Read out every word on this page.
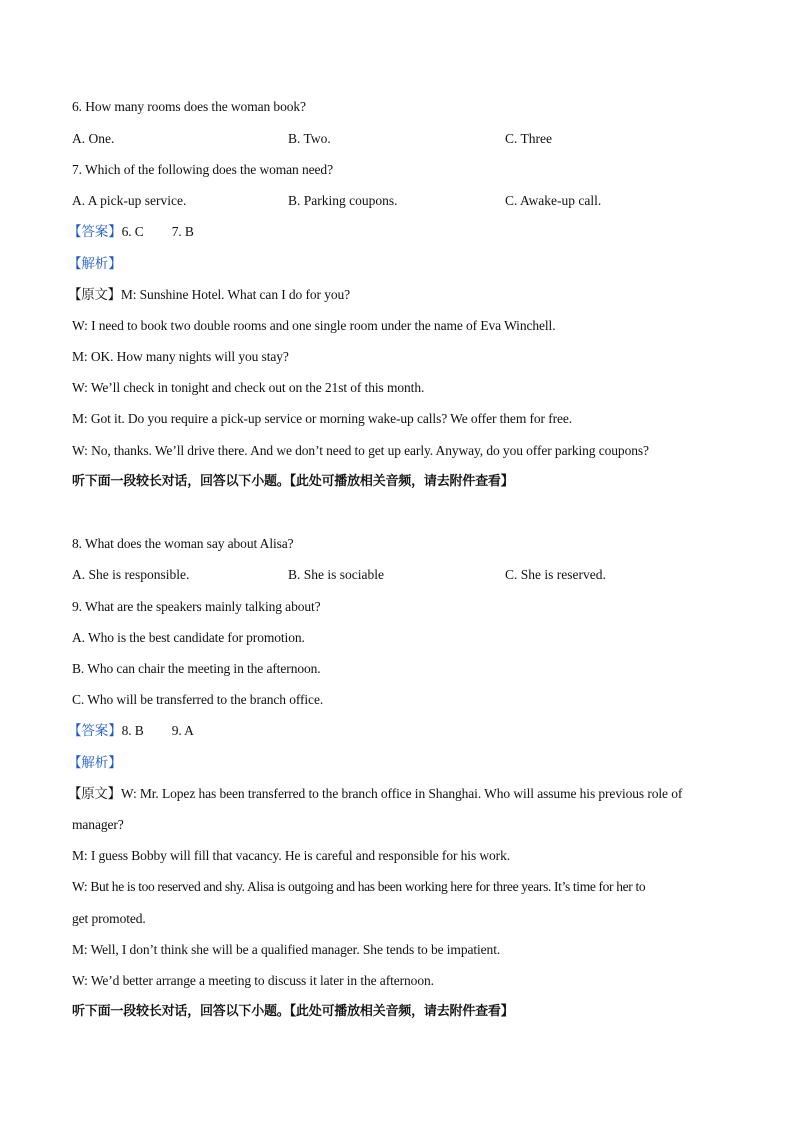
6. How many rooms does the woman book?
A. One.	B. Two.	C. Three
7. Which of the following does the woman need?
A. A pick-up service.	B. Parking coupons.	C. Awake-up call.
【答案】6. C 7. B
【解析】
【原文】M: Sunshine Hotel. What can I do for you?
W: I need to book two double rooms and one single room under the name of Eva Winchell.
M: OK. How many nights will you stay?
W: We’ll check in tonight and check out on the 21st of this month.
M: Got it. Do you require a pick-up service or morning wake-up calls? We offer them for free.
W: No, thanks. We’ll drive there. And we don’t need to get up early. Anyway, do you offer parking coupons?
听下面一段较长对话，回答以下小题。【此处可播放相关音频，请去附件查看】
8. What does the woman say about Alisa?
A. She is responsible.	B. She is sociable	C. She is reserved.
9. What are the speakers mainly talking about?
A. Who is the best candidate for promotion.
B. Who can chair the meeting in the afternoon.
C. Who will be transferred to the branch office.
【答案】8. B 9. A
【解析】
【原文】W: Mr. Lopez has been transferred to the branch office in Shanghai. Who will assume his previous role of
manager?
M: I guess Bobby will fill that vacancy. He is careful and responsible for his work.
W: But he is too reserved and shy. Alisa is outgoing and has been working here for three years. It’s time for her to
get promoted.
M: Well, I don’t think she will be a qualified manager. She tends to be impatient.
W: We’d better arrange a meeting to discuss it later in the afternoon.
听下面一段较长对话，回答以下小题。【此处可播放相关音频，请去附件查看】
